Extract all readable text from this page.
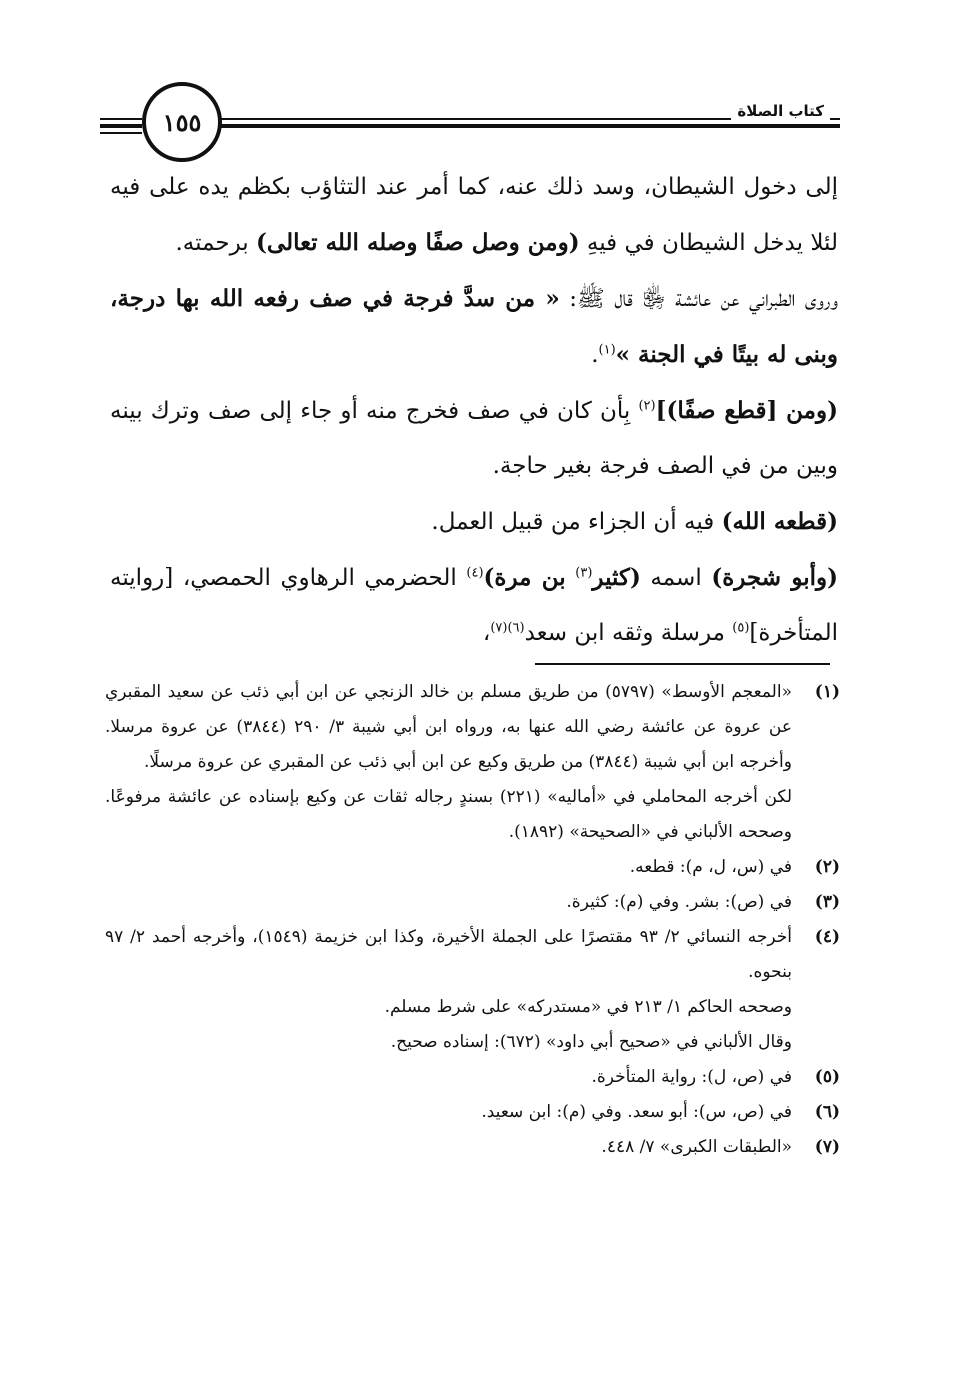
١٥٥	كتاب الصلاة

إلى دخول الشيطان، وسد ذلك عنه، كما أمر عند التثاؤب بكظم يده على فيه لئلا يدخل الشيطان في فيهِ (ومن وصل صفًا وصله الله تعالى) برحمته.

وروى الطبراني عن عائشة ﵂ قال ﷺ: « من سدَّ فرجة في صف رفعه الله بها درجة، وبنى له بيتًا في الجنة »$^{(١)}$.

(ومن [قطع صفًا)]$^{(٢)}$ بِأن كان في صف فخرج منه أو جاء إلى صف وترك بينه وبين من في الصف فرجة بغير حاجة.

(قطعه الله) فيه أن الجزاء من قبيل العمل.

(وأبو شجرة) اسمه (كثير$^{(٣)}$ بن مرة)$^{(٤)}$ الحضرمي الرهاوي الحمصي، [روايته المتأخرة]$^{(٥)}$ مرسلة وثقه ابن سعد$^{(٦)(٧)}$،

(١)
«المعجم الأوسط» (٥٧٩٧) من طريق مسلم بن خالد الزنجي عن ابن أبي ذئب عن سعيد المقبري عن عروة عن عائشة رضي الله عنها به، ورواه ابن أبي شيبة ٣/ ٢٩٠ (٣٨٤٤) عن عروة مرسلا. وأخرجه ابن أبي شيبة (٣٨٤٤) من طريق وكيع عن ابن أبي ذئب عن المقبري عن عروة مرسلًا.
لكن أخرجه المحاملي في «أماليه» (٢٢١) بسندٍ رجاله ثقات عن وكيع بإسناده عن عائشة مرفوعًا. وصححه الألباني في «الصحيحة» (١٨٩٢).
(٢)
في (س، ل، م): قطعه.
(٣)
في (ص): بشر. وفي (م): كثيرة.
(٤)
أخرجه النسائي ٢/ ٩٣ مقتصرًا على الجملة الأخيرة، وكذا ابن خزيمة (١٥٤٩)، وأخرجه أحمد ٢/ ٩٧ بنحوه.
وصححه الحاكم ١/ ٢١٣ في «مستدركه» على شرط مسلم.
وقال الألباني في «صحيح أبي داود» (٦٧٢): إسناده صحيح.
(٥)
في (ص، ل): رواية المتأخرة.
(٦)
في (ص، س): أبو سعد. وفي (م): ابن سعيد.
(٧)
«الطبقات الكبرى» ٧/ ٤٤٨.
